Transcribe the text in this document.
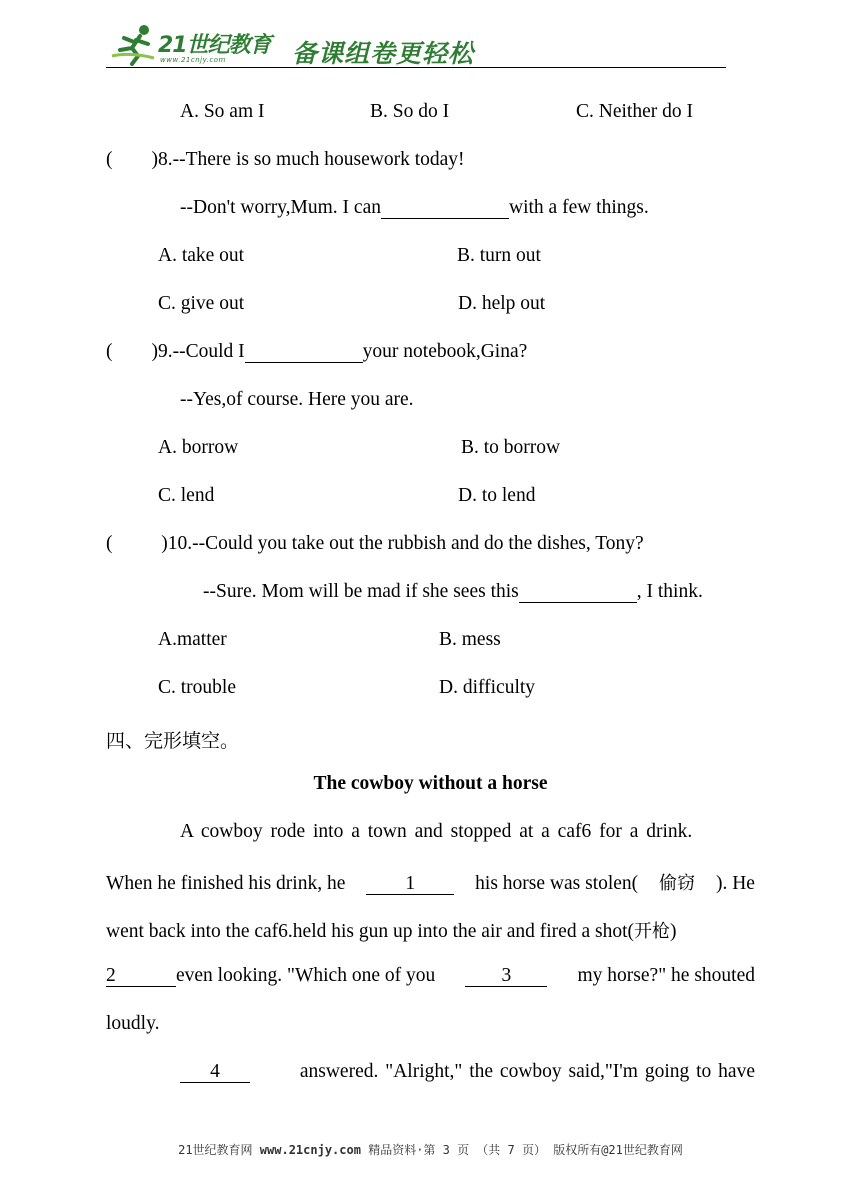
21世纪教育
www.21cnjy.com	备课组卷更轻松
A. So am I	B. So do I	C. Neither do I
(        )8.--There is so much housework today!
--Don't worry,Mum. I can	with a few things.
A. take out	B. turn out
C. give out	D. help out
(        )9.--Could I	your notebook,Gina?
--Yes,of course. Here you are.
A. borrow	B. to borrow
C. lend	D. to lend
(          )10.--Could you take out the rubbish and do the dishes, Tony?
--Sure. Mom will be mad if she sees this	, I think.
A.matter	B. mess
C. trouble	D. difficulty
四、完形填空。
The cowboy without a horse
A cowboy rode into a town and stopped at a caf6 for a drink.
When he finished his drink, he	1	his horse was stolen( 偷窃 ). He
went back into the caf6.held his gun up into the air and fired a shot(开枪)
2	even looking. "Which one of you	3	my horse?" he shouted
loudly.
4	answered. "Alright," the cowboy said,"I'm going to have
21世纪教育网 www.21cnjy.com 精品资料·第 3 页 （共 7 页） 版权所有@21世纪教育网
